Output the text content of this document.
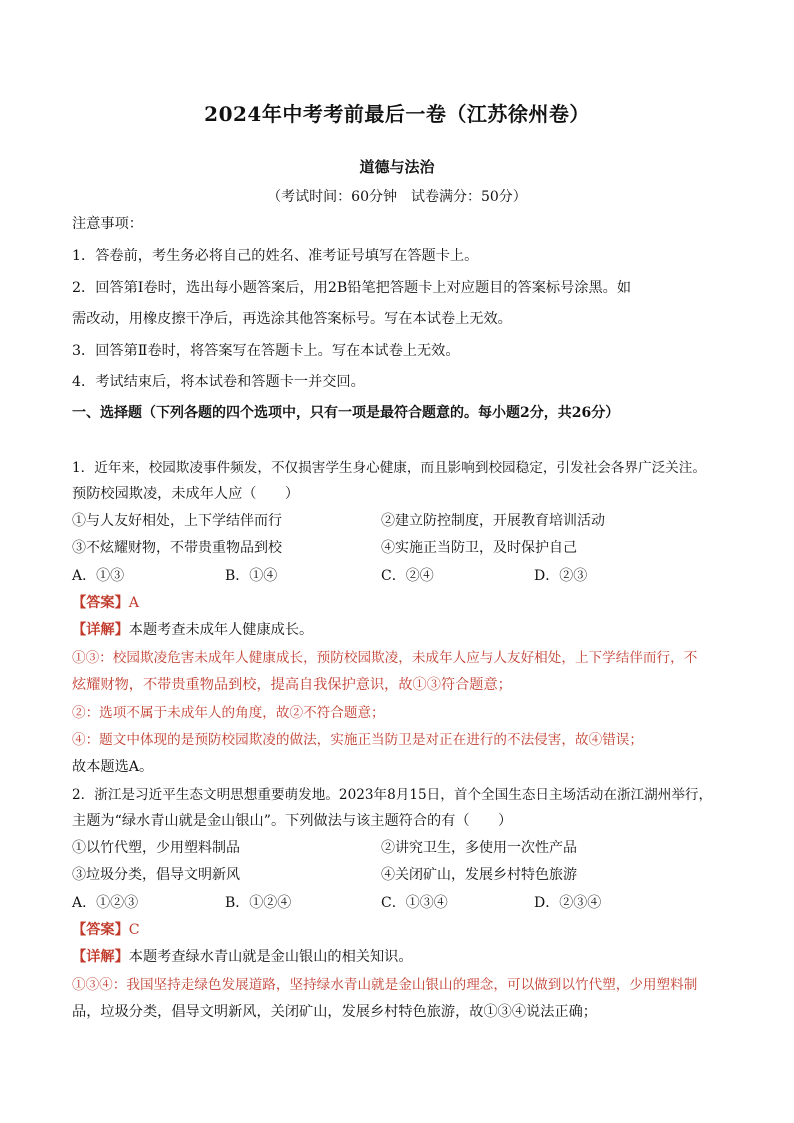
2024年中考考前最后一卷（江苏徐州卷）
道德与法治
（考试时间：60分钟　试卷满分：50分）
注意事项：
1．答卷前，考生务必将自己的姓名、准考证号填写在答题卡上。
2．回答第Ⅰ卷时，选出每小题答案后，用2B铅笔把答题卡上对应题目的答案标号涂黑。如
需改动，用橡皮擦干净后，再选涂其他答案标号。写在本试卷上无效。
3．回答第Ⅱ卷时，将答案写在答题卡上。写在本试卷上无效。
4．考试结束后，将本试卷和答题卡一并交回。
一、选择题（下列各题的四个选项中，只有一项是最符合题意的。每小题2分，共26分）
1．近年来，校园欺凌事件频发，不仅损害学生身心健康，而且影响到校园稳定，引发社会各界广泛关注。
预防校园欺凌，未成年人应（　　）
①与人友好相处，上下学结伴而行	②建立防控制度，开展教育培训活动
③不炫耀财物，不带贵重物品到校	④实施正当防卫，及时保护自己
A．①③	B．①④	C．②④	D．②③
【答案】A
【详解】本题考查未成年人健康成长。
①③：校园欺凌危害未成年人健康成长，预防校园欺凌，未成年人应与人友好相处，上下学结伴而行，不
炫耀财物，不带贵重物品到校，提高自我保护意识，故①③符合题意；
②：选项不属于未成年人的角度，故②不符合题意；
④：题文中体现的是预防校园欺凌的做法，实施正当防卫是对正在进行的不法侵害，故④错误；
故本题选A。
2．浙江是习近平生态文明思想重要萌发地。2023年8月15日，首个全国生态日主场活动在浙江湖州举行，
主题为“绿水青山就是金山银山”。下列做法与该主题符合的有（　　）
①以竹代塑，少用塑料制品	②讲究卫生，多使用一次性产品
③垃圾分类，倡导文明新风	④关闭矿山，发展乡村特色旅游
A．①②③	B．①②④	C．①③④	D．②③④
【答案】C
【详解】本题考查绿水青山就是金山银山的相关知识。
①③④：我国坚持走绿色发展道路，坚持绿水青山就是金山银山的理念，可以做到以竹代塑，少用塑料制
品，垃圾分类，倡导文明新风，关闭矿山，发展乡村特色旅游，故①③④说法正确；
